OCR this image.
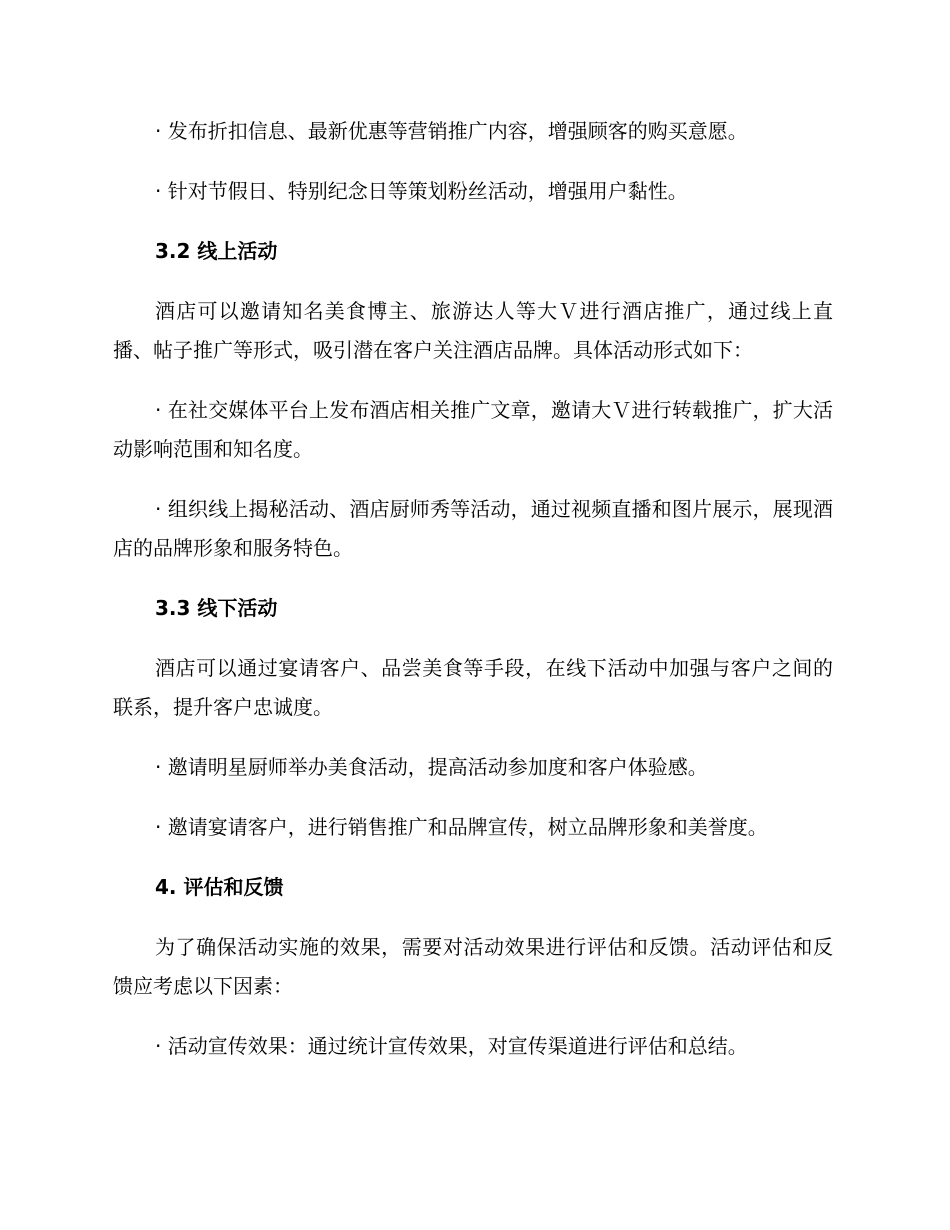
· 发布折扣信息、最新优惠等营销推广内容，增强顾客的购买意愿。

· 针对节假日、特别纪念日等策划粉丝活动，增强用户黏性。

3.2 线上活动

酒店可以邀请知名美食博主、旅游达人等大Ｖ进行酒店推广，通过线上直播、帖子推广等形式，吸引潜在客户关注酒店品牌。具体活动形式如下：

· 在社交媒体平台上发布酒店相关推广文章，邀请大Ｖ进行转载推广，扩大活动影响范围和知名度。

· 组织线上揭秘活动、酒店厨师秀等活动，通过视频直播和图片展示，展现酒店的品牌形象和服务特色。

3.3 线下活动

酒店可以通过宴请客户、品尝美食等手段，在线下活动中加强与客户之间的联系，提升客户忠诚度。

· 邀请明星厨师举办美食活动，提高活动参加度和客户体验感。

· 邀请宴请客户，进行销售推广和品牌宣传，树立品牌形象和美誉度。

4. 评估和反馈

为了确保活动实施的效果，需要对活动效果进行评估和反馈。活动评估和反馈应考虑以下因素：

· 活动宣传效果：通过统计宣传效果，对宣传渠道进行评估和总结。
